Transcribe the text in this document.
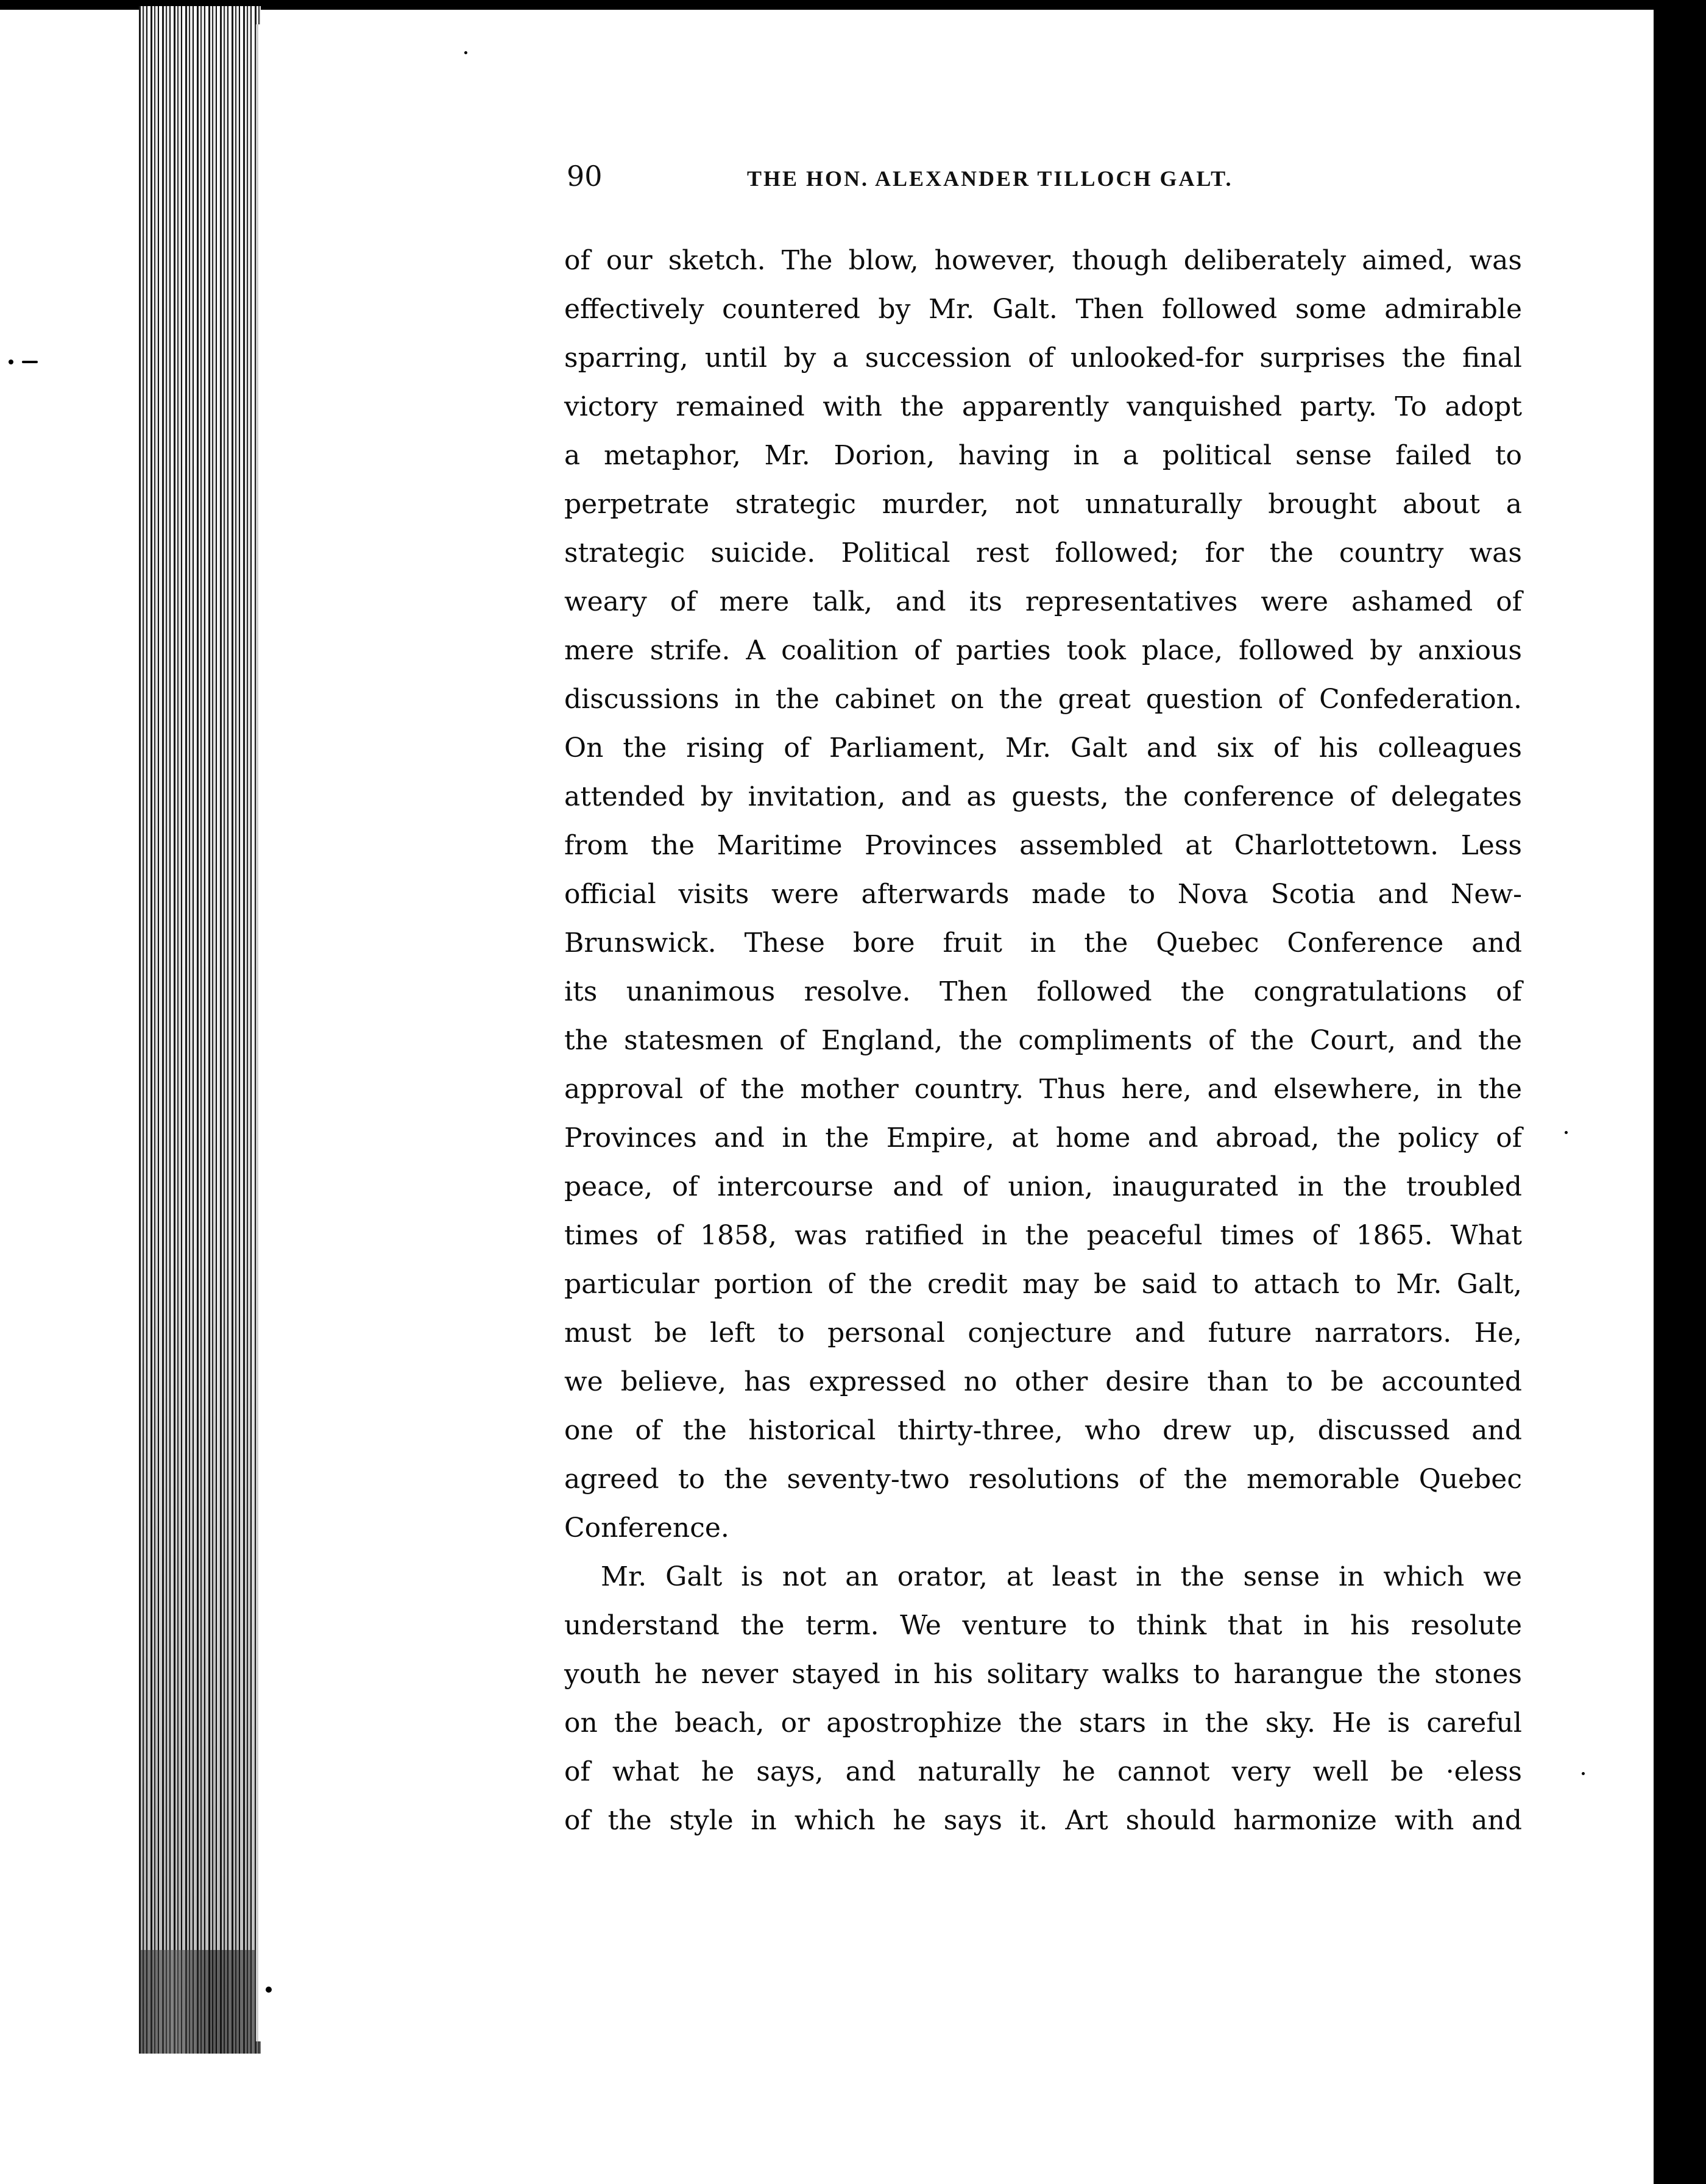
90	THE HON. ALEXANDER TILLOCH GALT.
of our sketch. The blow, however, though deliberately aimed, was
effectively countered by Mr. Galt. Then followed some admirable
sparring, until by a succession of unlooked-for surprises the final
victory remained with the apparently vanquished party. To adopt
a metaphor, Mr. Dorion, having in a political sense failed to
perpetrate strategic murder, not unnaturally brought about a
strategic suicide. Political rest followed; for the country was
weary of mere talk, and its representatives were ashamed of
mere strife. A coalition of parties took place, followed by anxious
discussions in the cabinet on the great question of Confederation.
On the rising of Parliament, Mr. Galt and six of his colleagues
attended by invitation, and as guests, the conference of delegates
from the Maritime Provinces assembled at Charlottetown. Less
official visits were afterwards made to Nova Scotia and New-
Brunswick. These bore fruit in the Quebec Conference and
its unanimous resolve. Then followed the congratulations of
the statesmen of England, the compliments of the Court, and the
approval of the mother country. Thus here, and elsewhere, in the
Provinces and in the Empire, at home and abroad, the policy of
peace, of intercourse and of union, inaugurated in the troubled
times of 1858, was ratified in the peaceful times of 1865. What
particular portion of the credit may be said to attach to Mr. Galt,
must be left to personal conjecture and future narrators. He,
we believe, has expressed no other desire than to be accounted
one of the historical thirty-three, who drew up, discussed and
agreed to the seventy-two resolutions of the memorable Quebec
Conference.
Mr. Galt is not an orator, at least in the sense in which we
understand the term. We venture to think that in his resolute
youth he never stayed in his solitary walks to harangue the stones
on the beach, or apostrophize the stars in the sky. He is careful
of what he says, and naturally he cannot very well be ·eless
of the style in which he says it. Art should harmonize with and
